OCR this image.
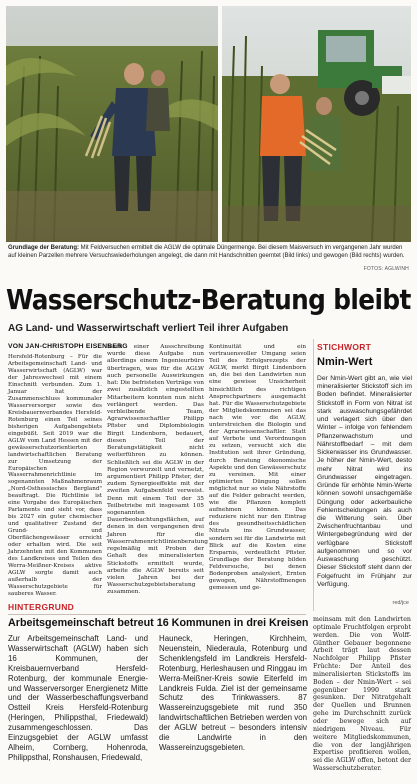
Grundlage der Beratung: Mit Feldversuchen ermittelt die AGLW die optimale Düngermenge. Bei diesem Maisversuch im vergangenen Jahr wurden auf kleinen Parzellen mehrere Versuchswiederholungen angelegt, die dann mit Handschnitten geerntet (Bild links) und gewogen (Bild rechts) wurden.
FOTOS: AGLW/NH
Wasserschutz-Beratung bleibt
AG Land- und Wasserwirtschaft verliert Teil ihrer Aufgaben
VON JAN-CHRISTOPH EISENBERG
Hersfeld-Rotenburg – Für die Arbeitsgemeinschaft Land- und Wasserwirtschaft (AGLW) war der Jahreswechsel mit einem Einschnitt verbunden. Zum 1. Januar hat der Zusammenschluss kommunaler Wasserversorger sowie des Kreisbauernverbandes Hersfeld-Rotenburg einen Teil seines bisherigen Aufgabengebiets eingebüßt. Seit 2019 war die AGLW vom Land Hessen mit der gewässerschutzorientierten landwirtschaftlichen Beratung zur Umsetzung der Europäischen Wasserrahmenrichtlinie im sogenannten Maßnahmenraum „Nord-Osthessisches Bergland" beauftragt. Die Richtlinie ist eine Vorgabe des Europäischen Parlaments und sieht vor, dass bis 2027 ein guter chemischer und qualitativer Zustand der Grund- und Oberflächengewässer erreicht oder erhalten wird. Die seit Jahrzehnten mit den Kommunen des Landkreises und Teilen des Werra-Meißner-Kreises aktive AGLW sorgte damit auch außerhalb der Wasserschutzgebiete für sauberes Wasser.
Nach einer Ausschreibung wurde diese Aufgabe nun allerdings einem Ingenieurbüro übertragen, was für die AGLW auch personelle Auswirkungen hat: Die befristeten Verträge von zwei zusätzlich eingestellten Mitarbeitern konnten nun nicht verlängert werden. Das verbleibende Team, Agrarwissenschaftler Philipp Pfister und Diplombiologin Birgit Lindenborn, bedauert, diesen Teil der Beratungstätigkeit nicht weiterführen zu können. Schließlich sei die AGLW in der Region verwurzelt und vernetzt, argumentiert Philipp Pfister, der zudem Synergieeffekte mit der zweiten Aufgabenfeld verweist. Denn mit einem Teil der 35 Teilbetriebe mit insgesamt 105 sogenannten Dauerbeobachtungsflächen, auf denen in den vergangenen drei Jahren für die Wasserrahmenrichtlinienberatung regelmäßig mit Proben der Gehalt des mineralisierten Stickstoffs ermittelt wurde, arbeite die AGLW bereits seit vielen Jahren bei der Wasserschutzgebietsberatung zusammen.
Kontinuität und ein vertrauensvoller Umgang seien Teil des Erfolgsrezepts der AGLW, merkt Birgit Lindenborn an, die bei den Landwirten nun eine gewisse Unsicherheit hinsichtlich des richtigen Ansprechpartners ausgemacht hat. Für die Wasserschutzgebiete der Mitgliedskommunen sei das nach wie vor die AGLW, unterstreichen die Biologin und der Agrarwissenschaftler. Statt auf Verbote und Verordnungen zu setzen, versucht sich die Institution seit ihrer Gründung, durch Beratung ökonomische Aspekte und den Gewässerschutz zu vereinen. Mit einer optimierten Düngung sollen möglichst nur so viele Nährstoffe auf die Felder gebracht werden, wie die Pflanzen komplett aufnehmen können. Das reduziere nicht nur den Eintrag des gesundheitsschädlichen Nitrats ins Grundwasser, sondern sei für die Landwirte mit Blick auf die Kosten eine Ersparnis, verdeutlicht Pfister. Grundlage der Beratung bilden Feldversuche, bei denen Bodenproben analysiert, Ernten gewogen, Nährstoffmengen gemessen und ge-
STICHWORT
Nmin-Wert
Der Nmin-Wert gibt an, wie viel mineralisierter Stickstoff sich im Boden befindet. Mineralisierter Stickstoff in Form von Nitrat ist stark auswaschungsgefährdet und verlagert sich über den Winter – infolge von fehlendem Pflanzenwachstum und Nährstoffbedarf – mit dem Sickerwasser ins Grundwasser. Je höher der Nmin-Wert, desto mehr Nitrat wird ins Grundwasser eingetragen. Gründe für erhöhte Nmin-Werte können sowohl unsachgemäße Düngung oder ackerbauliche Fehlentscheidungen als auch die Witterung sein. Über Zwischenfruchtanbau und Wintergebegründung wird der verfügbare Stickstoff aufgenommen und so vor Auswaschung geschützt. Dieser Stickstoff steht dann der Folgefrucht im Frühjahr zur Verfügung.
red/jce
meinsam mit den Landwirten optimale Fruchtfolgen erprobt werden. Die von Wolff-Günther Gebauer begonnene Arbeit trägt laut dessen Nachfolger Philipp Pfister Früchte: Der Anteil des mineralisierten Stickstoffs im Boden – der Nmin-Wert – sei gegenüber 1990 stark gesunken. Der Nitratgehalt der Quellen und Brunnen gehe im Durchschnitt zurück oder bewege sich auf niedrigem Niveau. Für weitere Mitgliedskommunen, die von der langjährigen Expertise profitieren wollen, sei die AGLW offen, betont der Wasserschutzberater.
HINTERGRUND
Arbeitsgemeinschaft betreut 16 Kommunen in drei Kreisen
Zur Arbeitsgemeinschaft Land- und Wasserwirtschaft (AGLW) haben sich 16 Kommunen, der Kreisbauernverband Hersfeld-Rotenburg, der kommunale Energie- und Wasserversorger Energienetz Mitte und der Wasserbeschaffungsverband Ostteil Kreis Hersfeld-Rotenburg (Heringen, Philippsthal, Friedewald) zusammengeschlossen. Das Einzugsgebiet der AGLW umfasst Alheim, Cornberg, Hohenroda, Philippsthal, Ronshausen, Friedewald,
Hauneck, Heringen, Kirchheim, Neuenstein, Niederaula, Rotenburg und Schenklengsfeld im Landkreis Hersfeld-Rotenburg, Herleshausen und Ringgau im Werra-Meißner-Kreis sowie Eiterfeld im Landkreis Fulda. Ziel ist der gemeinsame Schutz des Trinkwassers. 87 Wassereinzugsgebiete mit rund 350 landwirtschaftlichen Betrieben werden von der AGLW betreut – besonders intensiv die Landwirte in den Wassereinzugsgebieten.
